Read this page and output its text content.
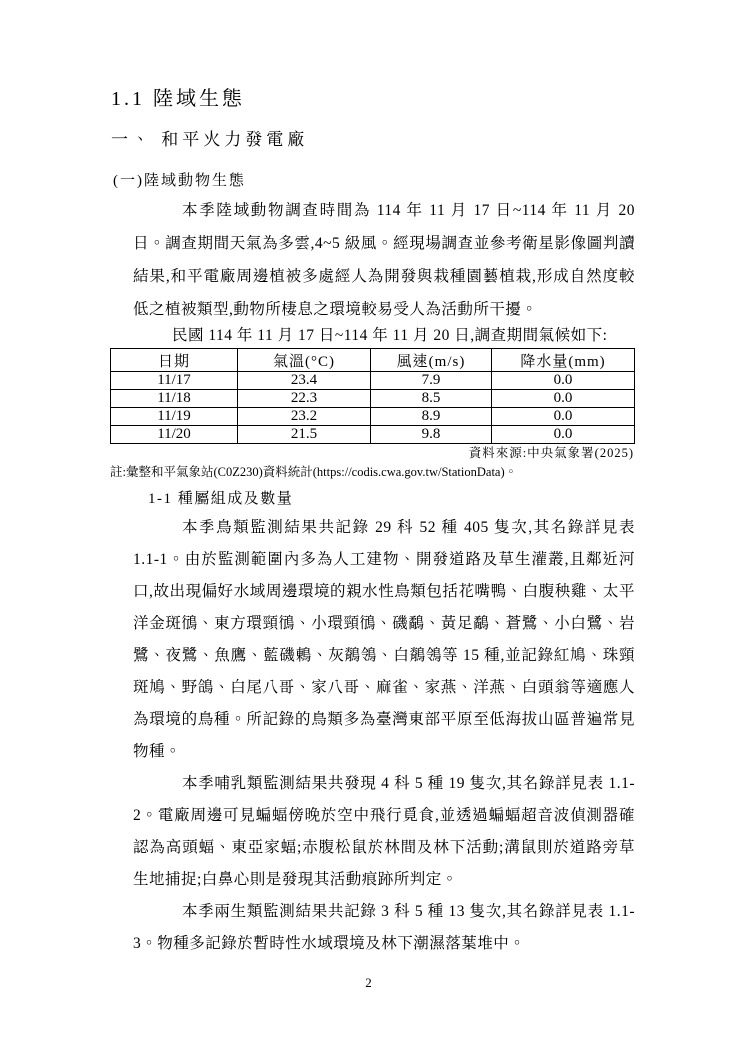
1.1 陸域生態
一、 和平火力發電廠
(一)陸域動物生態

本季陸域動物調查時間為 114 年 11 月 17 日~114 年 11 月 20 日。調查期間天氣為多雲,4~5 級風。經現場調查並參考衛星影像圖判讀結果,和平電廠周邊植被多處經人為開發與栽種園藝植栽,形成自然度較低之植被類型,動物所棲息之環境較易受人為活動所干擾。

民國 114 年 11 月 17 日~114 年 11 月 20 日,調查期間氣候如下:
日期	氣溫(°C)	風速(m/s)	降水量(mm)
11/17	23.4	7.9	0.0
11/18	22.3	8.5	0.0
11/19	23.2	8.9	0.0
11/20	21.5	9.8	0.0
資料來源:中央氣象署(2025)
註:彙整和平氣象站(C0Z230)資料統計(https://codis.cwa.gov.tw/StationData)。
1-1 種屬組成及數量

本季鳥類監測結果共記錄 29 科 52 種 405 隻次,其名錄詳見表 1.1-1。由於監測範圍內多為人工建物、開發道路及草生灌叢,且鄰近河口,故出現偏好水域周邊環境的親水性鳥類包括花嘴鴨、白腹秧雞、太平洋金斑鴴、東方環頸鴴、小環頸鴴、磯鷸、黃足鷸、蒼鷺、小白鷺、岩鷺、夜鷺、魚鷹、藍磯鶇、灰鶺鴒、白鶺鴒等 15 種,並記錄紅鳩、珠頸斑鳩、野鴿、白尾八哥、家八哥、麻雀、家燕、洋燕、白頭翁等適應人為環境的鳥種。所記錄的鳥類多為臺灣東部平原至低海拔山區普遍常見物種。

本季哺乳類監測結果共發現 4 科 5 種 19 隻次,其名錄詳見表 1.1-2。電廠周邊可見蝙蝠傍晚於空中飛行覓食,並透過蝙蝠超音波偵測器確認為高頭蝠、東亞家蝠;赤腹松鼠於林間及林下活動;溝鼠則於道路旁草生地捕捉;白鼻心則是發現其活動痕跡所判定。

本季兩生類監測結果共記錄 3 科 5 種 13 隻次,其名錄詳見表 1.1-3。物種多記錄於暫時性水域環境及林下潮濕落葉堆中。

2
